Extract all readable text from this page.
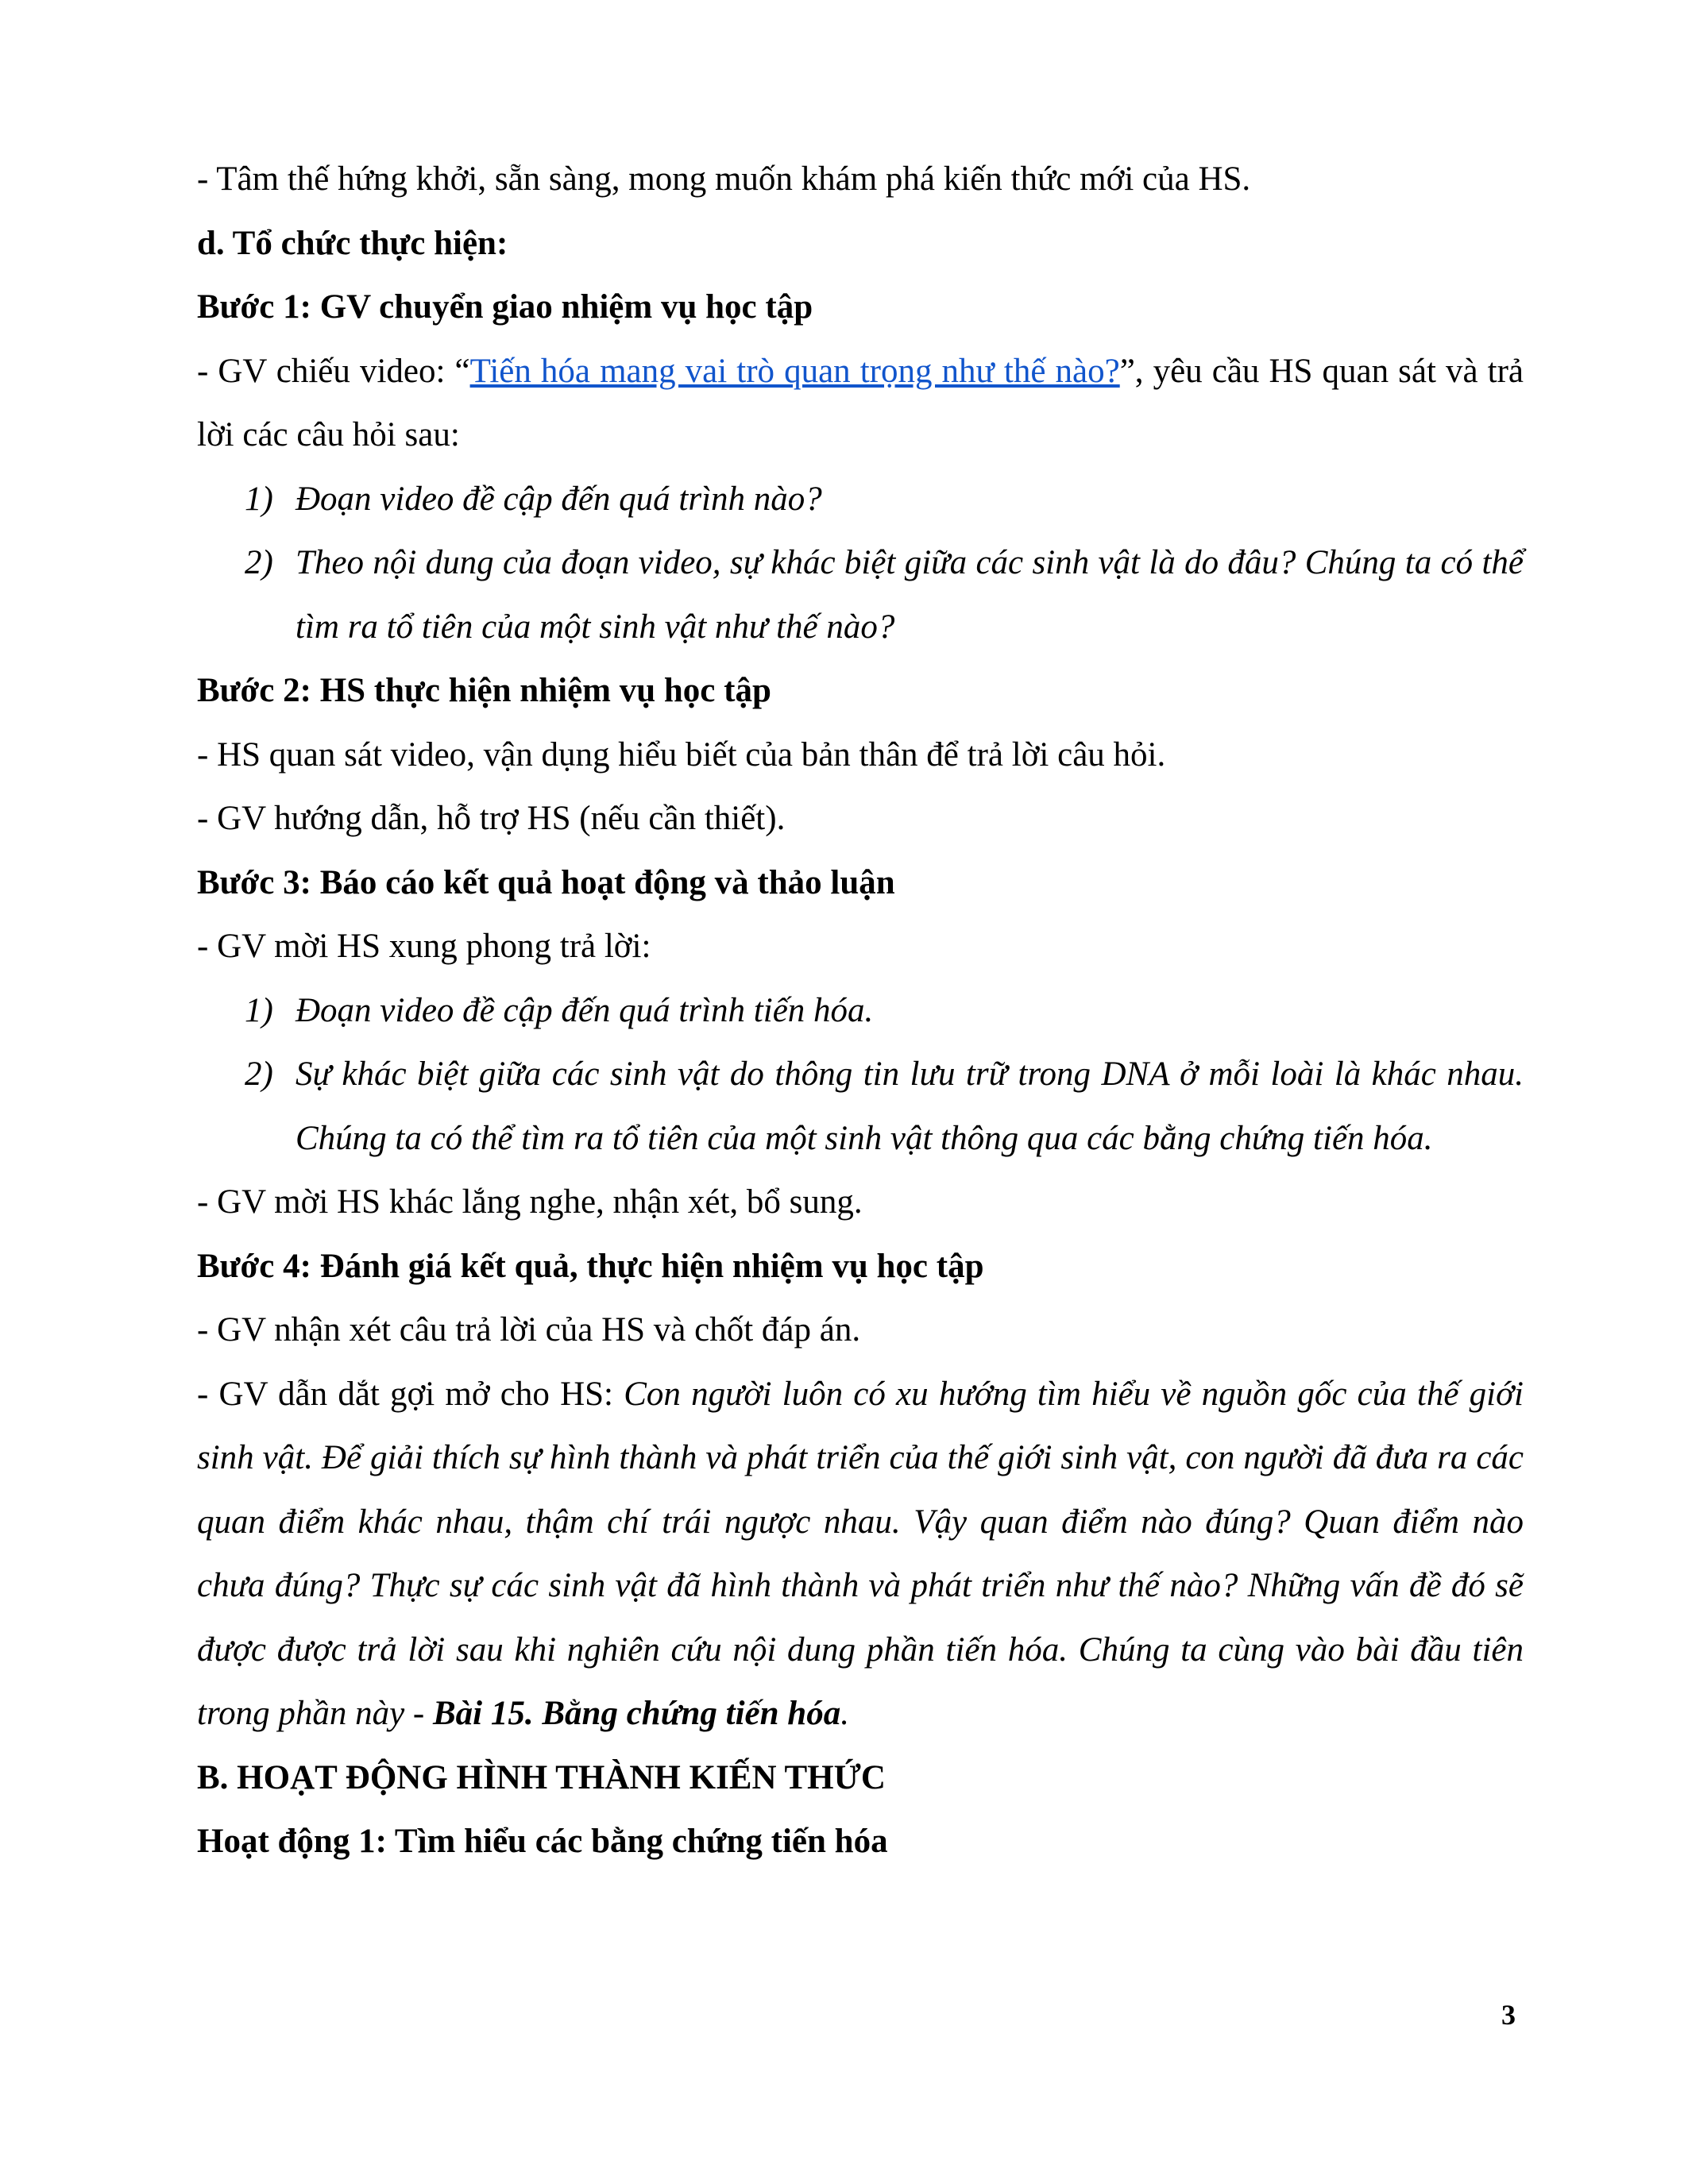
- Tâm thế hứng khởi, sẵn sàng, mong muốn khám phá kiến thức mới của HS.

d. Tổ chức thực hiện:

Bước 1: GV chuyển giao nhiệm vụ học tập

- GV chiếu video: “Tiến hóa mang vai trò quan trọng như thế nào?”, yêu cầu HS quan sát và trả lời các câu hỏi sau:

1) Đoạn video đề cập đến quá trình nào?
2) Theo nội dung của đoạn video, sự khác biệt giữa các sinh vật là do đâu? Chúng ta có thể tìm ra tổ tiên của một sinh vật như thế nào?

Bước 2: HS thực hiện nhiệm vụ học tập

- HS quan sát video, vận dụng hiểu biết của bản thân để trả lời câu hỏi.

- GV hướng dẫn, hỗ trợ HS (nếu cần thiết).

Bước 3: Báo cáo kết quả hoạt động và thảo luận

- GV mời HS xung phong trả lời:

1) Đoạn video đề cập đến quá trình tiến hóa.
2) Sự khác biệt giữa các sinh vật do thông tin lưu trữ trong DNA ở mỗi loài là khác nhau. Chúng ta có thể tìm ra tổ tiên của một sinh vật thông qua các bằng chứng tiến hóa.

- GV mời HS khác lắng nghe, nhận xét, bổ sung.

Bước 4: Đánh giá kết quả, thực hiện nhiệm vụ học tập

- GV nhận xét câu trả lời của HS và chốt đáp án.

- GV dẫn dắt gợi mở cho HS: Con người luôn có xu hướng tìm hiểu về nguồn gốc của thế giới sinh vật. Để giải thích sự hình thành và phát triển của thế giới sinh vật, con người đã đưa ra các quan điểm khác nhau, thậm chí trái ngược nhau. Vậy quan điểm nào đúng? Quan điểm nào chưa đúng? Thực sự các sinh vật đã hình thành và phát triển như thế nào? Những vấn đề đó sẽ được được trả lời sau khi nghiên cứu nội dung phần tiến hóa. Chúng ta cùng vào bài đầu tiên trong phần này - Bài 15. Bằng chứng tiến hóa.

B. HOẠT ĐỘNG HÌNH THÀNH KIẾN THỨC

Hoạt động 1: Tìm hiểu các bằng chứng tiến hóa

3
